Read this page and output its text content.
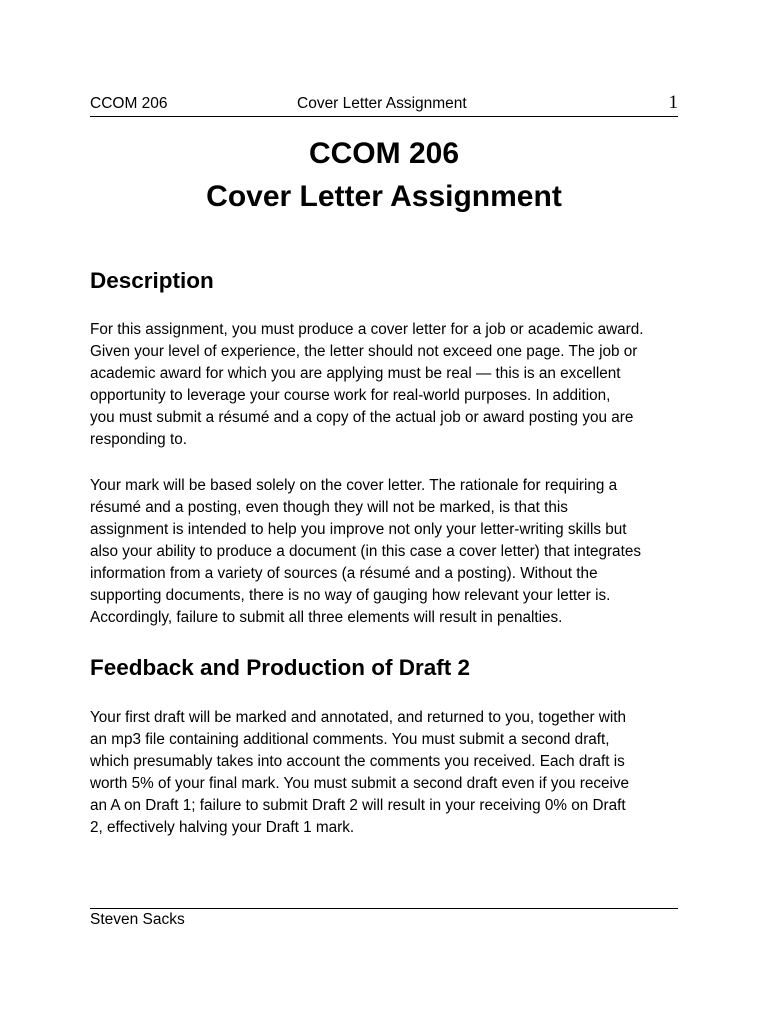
CCOM 206	Cover Letter Assignment	1
CCOM 206
Cover Letter Assignment
Description

For this assignment, you must produce a cover letter for a job or academic award.
Given your level of experience, the letter should not exceed one page. The job or
academic award for which you are applying must be real — this is an excellent
opportunity to leverage your course work for real-world purposes. In addition,
you must submit a résumé and a copy of the actual job or award posting you are
responding to.

Your mark will be based solely on the cover letter. The rationale for requiring a
résumé and a posting, even though they will not be marked, is that this
assignment is intended to help you improve not only your letter-writing skills but
also your ability to produce a document (in this case a cover letter) that integrates
information from a variety of sources (a résumé and a posting). Without the
supporting documents, there is no way of gauging how relevant your letter is.
Accordingly, failure to submit all three elements will result in penalties.

Feedback and Production of Draft 2

Your first draft will be marked and annotated, and returned to you, together with
an mp3 file containing additional comments. You must submit a second draft,
which presumably takes into account the comments you received. Each draft is
worth 5% of your final mark. You must submit a second draft even if you receive
an A on Draft 1; failure to submit Draft 2 will result in your receiving 0% on Draft
2, effectively halving your Draft 1 mark.

Steven Sacks
